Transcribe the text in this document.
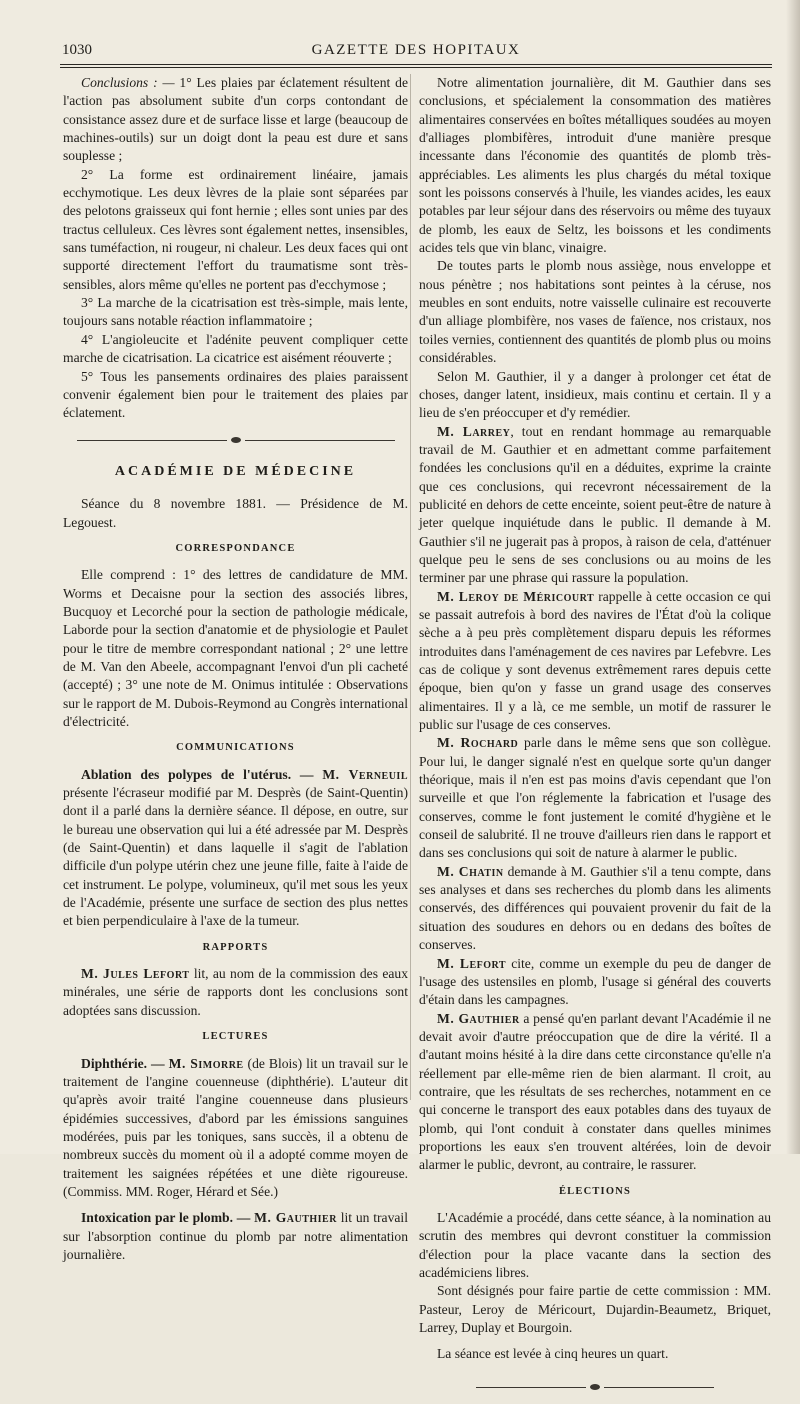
1030	GAZETTE DES HOPITAUX

Conclusions : — 1° Les plaies par éclatement résultent de l'action pas absolument subite d'un corps contondant de consistance assez dure et de surface lisse et large (beaucoup de machines-outils) sur un doigt dont la peau est dure et sans souplesse ;

2° La forme est ordinairement linéaire, jamais ecchymotique. Les deux lèvres de la plaie sont séparées par des pelotons graisseux qui font hernie ; elles sont unies par des tractus celluleux. Ces lèvres sont également nettes, insensibles, sans tuméfaction, ni rougeur, ni chaleur. Les deux faces qui ont supporté directement l'effort du traumatisme sont très-sensibles, alors même qu'elles ne portent pas d'ecchymose ;

3° La marche de la cicatrisation est très-simple, mais lente, toujours sans notable réaction inflammatoire ;

4° L'angioleucite et l'adénite peuvent compliquer cette marche de cicatrisation. La cicatrice est aisément réouverte ;

5° Tous les pansements ordinaires des plaies paraissent convenir également bien pour le traitement des plaies par éclatement.

ACADÉMIE DE MÉDECINE

Séance du 8 novembre 1881. — Présidence de M. Legouest.

CORRESPONDANCE

Elle comprend : 1° des lettres de candidature de MM. Worms et Decaisne pour la section des associés libres, Bucquoy et Lecorché pour la section de pathologie médicale, Laborde pour la section d'anatomie et de physiologie et Paulet pour le titre de membre correspondant national ; 2° une lettre de M. Van den Abeele, accompagnant l'envoi d'un pli cacheté (accepté) ; 3° une note de M. Onimus intitulée : Observations sur le rapport de M. Dubois-Reymond au Congrès international d'électricité.

COMMUNICATIONS

Ablation des polypes de l'utérus. — M. Verneuil présente l'écraseur modifié par M. Desprès (de Saint-Quentin) dont il a parlé dans la dernière séance. Il dépose, en outre, sur le bureau une observation qui lui a été adressée par M. Desprès (de Saint-Quentin) et dans laquelle il s'agit de l'ablation difficile d'un polype utérin chez une jeune fille, faite à l'aide de cet instrument. Le polype, volumineux, qu'il met sous les yeux de l'Académie, présente une surface de section des plus nettes et bien perpendiculaire à l'axe de la tumeur.

RAPPORTS

M. Jules Lefort lit, au nom de la commission des eaux minérales, une série de rapports dont les conclusions sont adoptées sans discussion.

LECTURES

Diphthérie. — M. Simorre (de Blois) lit un travail sur le traitement de l'angine couenneuse (diphthérie). L'auteur dit qu'après avoir traité l'angine couenneuse dans plusieurs épidémies successives, d'abord par les émissions sanguines modérées, puis par les toniques, sans succès, il a obtenu de nombreux succès du moment où il a adopté comme moyen de traitement les saignées répétées et une diète rigoureuse. (Commiss. MM. Roger, Hérard et Sée.)

Intoxication par le plomb. — M. Gauthier lit un travail sur l'absorption continue du plomb par notre alimentation journalière.

Notre alimentation journalière, dit M. Gauthier dans ses conclusions, et spécialement la consommation des matières alimentaires conservées en boîtes métalliques soudées au moyen d'alliages plombifères, introduit d'une manière presque incessante dans l'économie des quantités de plomb très-appréciables. Les aliments les plus chargés du métal toxique sont les poissons conservés à l'huile, les viandes acides, les eaux potables par leur séjour dans des réservoirs ou même des tuyaux de plomb, les eaux de Seltz, les boissons et les condiments acides tels que vin blanc, vinaigre.

De toutes parts le plomb nous assiège, nous enveloppe et nous pénètre ; nos habitations sont peintes à la céruse, nos meubles en sont enduits, notre vaisselle culinaire est recouverte d'un alliage plombifère, nos vases de faïence, nos cristaux, nos toiles vernies, contiennent des quantités de plomb plus ou moins considérables.

Selon M. Gauthier, il y a danger à prolonger cet état de choses, danger latent, insidieux, mais continu et certain. Il y a lieu de s'en préoccuper et d'y remédier.

M. Larrey, tout en rendant hommage au remarquable travail de M. Gauthier et en admettant comme parfaitement fondées les conclusions qu'il en a déduites, exprime la crainte que ces conclusions, qui recevront nécessairement de la publicité en dehors de cette enceinte, soient peut-être de nature à jeter quelque inquiétude dans le public. Il demande à M. Gauthier s'il ne jugerait pas à propos, à raison de cela, d'atténuer quelque peu le sens de ses conclusions ou au moins de les terminer par une phrase qui rassure la population.

M. Leroy de Méricourt rappelle à cette occasion ce qui se passait autrefois à bord des navires de l'État d'où la colique sèche a à peu près complètement disparu depuis les réformes introduites dans l'aménagement de ces navires par Lefebvre. Les cas de colique y sont devenus extrêmement rares depuis cette époque, bien qu'on y fasse un grand usage des conserves alimentaires. Il y a là, ce me semble, un motif de rassurer le public sur l'usage de ces conserves.

M. Rochard parle dans le même sens que son collègue. Pour lui, le danger signalé n'est en quelque sorte qu'un danger théorique, mais il n'en est pas moins d'avis cependant que l'on surveille et que l'on réglemente la fabrication et l'usage des conserves, comme le font justement le comité d'hygiène et le conseil de salubrité. Il ne trouve d'ailleurs rien dans le rapport et dans ses conclusions qui soit de nature à alarmer le public.

M. Chatin demande à M. Gauthier s'il a tenu compte, dans ses analyses et dans ses recherches du plomb dans les aliments conservés, des différences qui pouvaient provenir du fait de la situation des soudures en dehors ou en dedans des boîtes de conserves.

M. Lefort cite, comme un exemple du peu de danger de l'usage des ustensiles en plomb, l'usage si général des couverts d'étain dans les campagnes.

M. Gauthier a pensé qu'en parlant devant l'Académie il ne devait avoir d'autre préoccupation que de dire la vérité. Il a d'autant moins hésité à la dire dans cette circonstance qu'elle n'a réellement par elle-même rien de bien alarmant. Il croit, au contraire, que les résultats de ses recherches, notamment en ce qui concerne le transport des eaux potables dans des tuyaux de plomb, qui l'ont conduit à constater dans quelles minimes proportions les eaux s'en trouvent altérées, loin de devoir alarmer le public, devront, au contraire, le rassurer.

ÉLECTIONS

L'Académie a procédé, dans cette séance, à la nomination au scrutin des membres qui devront constituer la commission d'élection pour la place vacante dans la section des académiciens libres.

Sont désignés pour faire partie de cette commission : MM. Pasteur, Leroy de Méricourt, Dujardin-Beaumetz, Briquet, Larrey, Duplay et Bourgoin.

La séance est levée à cinq heures un quart.
